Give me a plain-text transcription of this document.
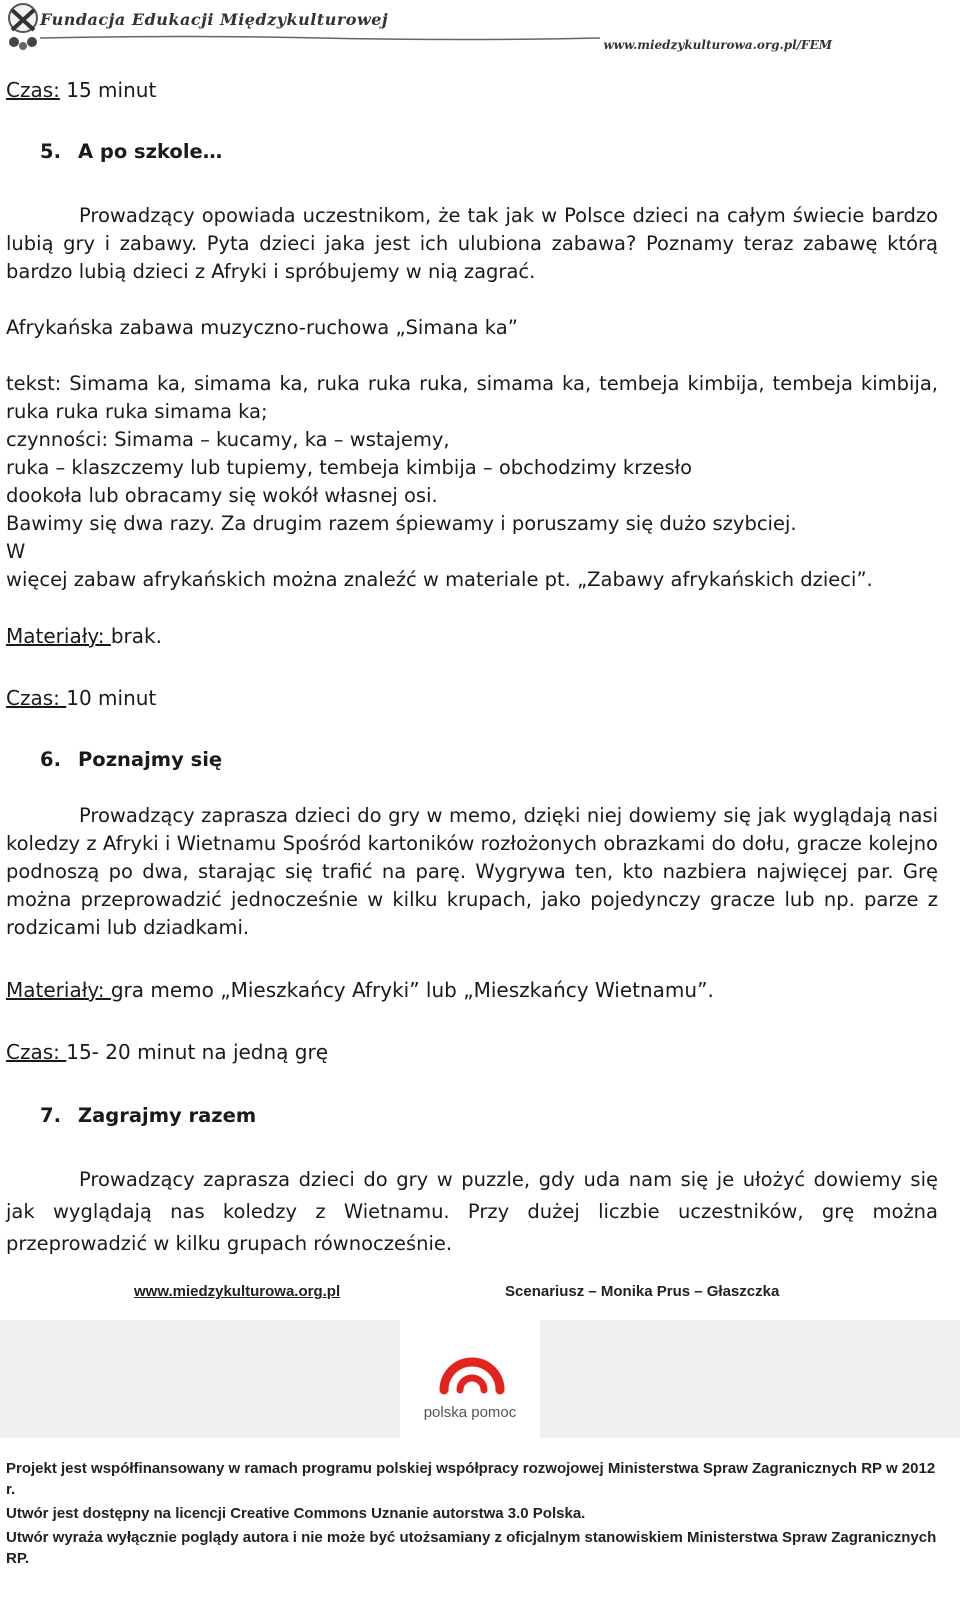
Fundacja Edukacji Międzykulturowej
www.miedzykulturowa.org.pl/FEM

Czas: 15 minut

5. A po szkole…

Prowadzący opowiada uczestnikom, że tak jak w Polsce dzieci na całym świecie bardzo lubią gry i zabawy. Pyta dzieci jaka jest ich ulubiona zabawa? Poznamy teraz zabawę którą bardzo lubią dzieci z Afryki i spróbujemy w nią zagrać.

Afrykańska zabawa muzyczno-ruchowa „Simana ka”

tekst: Simama ka, simama ka, ruka ruka ruka, simama ka, tembeja kimbija, tembeja kimbija, ruka ruka ruka simama ka;

czynności: Simama – kucamy, ka – wstajemy,

ruka – klaszczemy lub tupiemy, tembeja kimbija – obchodzimy krzesło

dookoła lub obracamy się wokół własnej osi.

Bawimy się dwa razy. Za drugim razem śpiewamy i poruszamy się dużo szybciej.

W

więcej zabaw afrykańskich można znaleźć w materiale pt. „Zabawy afrykańskich dzieci”.

Materiały: brak.

Czas: 10 minut

6. Poznajmy się

Prowadzący zaprasza dzieci do gry w memo, dzięki niej dowiemy się jak wyglądają nasi koledzy z Afryki i Wietnamu Spośród kartoników rozłożonych obrazkami do dołu, gracze kolejno podnoszą po dwa, starając się trafić na parę. Wygrywa ten, kto nazbiera najwięcej par. Grę można przeprowadzić jednocześnie w kilku krupach, jako pojedynczy gracze lub np. parze z rodzicami lub dziadkami.

Materiały: gra memo „Mieszkańcy Afryki” lub „Mieszkańcy Wietnamu”.

Czas: 15- 20 minut na jedną grę

7. Zagrajmy razem

Prowadzący zaprasza dzieci do gry w puzzle, gdy uda nam się je ułożyć dowiemy się jak wyglądają nas koledzy z Wietnamu. Przy dużej liczbie uczestników, grę można przeprowadzić w kilku grupach równocześnie.

www.miedzykulturowa.org.pl	Scenariusz – Monika Prus – Głaszczka
polska pomoc
Projekt jest współfinansowany w ramach programu polskiej współpracy rozwojowej Ministerstwa Spraw Zagranicznych RP w 2012 r.
Utwór jest dostępny na licencji Creative Commons Uznanie autorstwa 3.0 Polska.
Utwór wyraża wyłącznie poglądy autora i nie może być utożsamiany z oficjalnym stanowiskiem Ministerstwa Spraw Zagranicznych RP.
